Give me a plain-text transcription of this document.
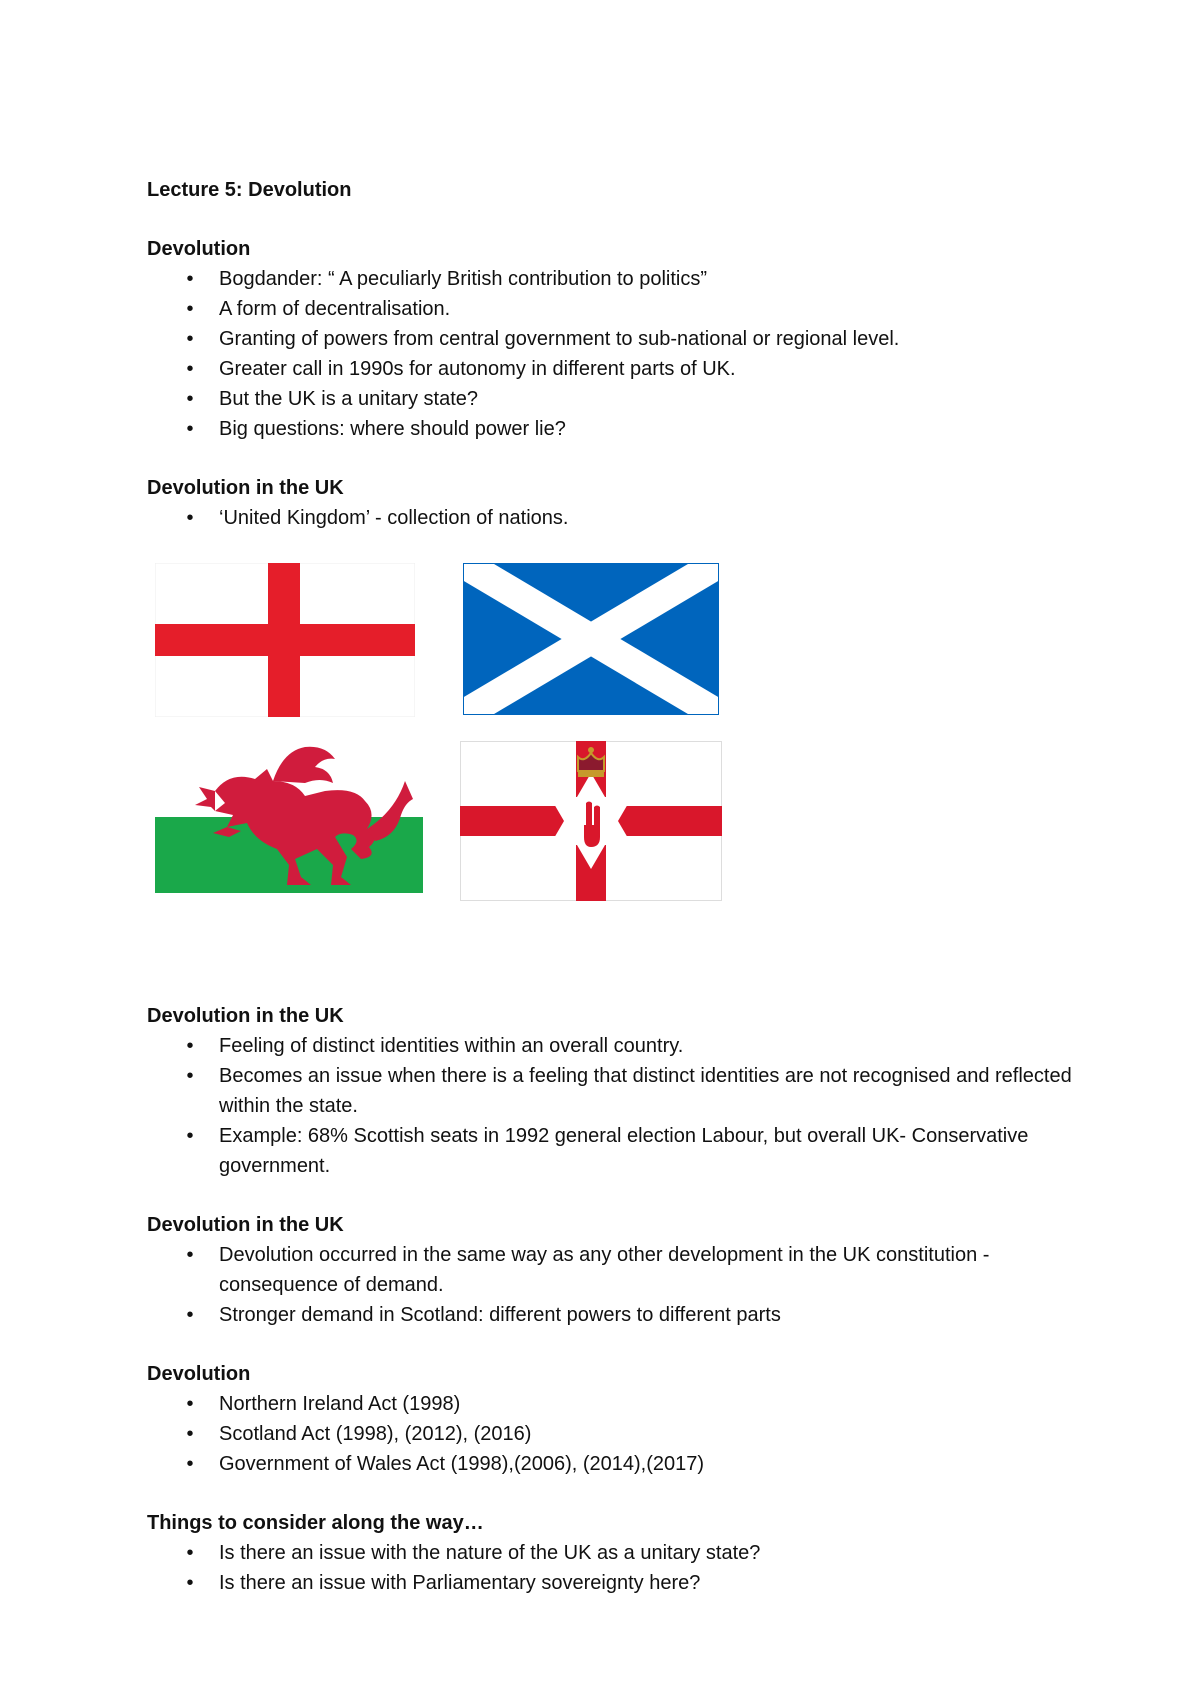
Lecture 5: Devolution
Devolution
• Bogdander: “ A peculiarly British contribution to politics”
• A form of decentralisation.
• Granting of powers from central government to sub-national or regional level.
• Greater call in 1990s for autonomy in different parts of UK.
• But the UK is a unitary state?
• Big questions: where should power lie?
Devolution in the UK
• ‘United Kingdom’ - collection of nations.
Devolution in the UK
• Feeling of distinct identities within an overall country.
• Becomes an issue when there is a feeling that distinct identities are not recognised and reflected within the state.
• Example: 68% Scottish seats in 1992 general election Labour, but overall UK- Conservative government.
Devolution in the UK
• Devolution occurred in the same way as any other development in the UK constitution - consequence of demand.
• Stronger demand in Scotland: different powers to different parts
Devolution
• Northern Ireland Act (1998)
• Scotland Act (1998), (2012), (2016)
• Government of Wales Act (1998),(2006), (2014),(2017)
Things to consider along the way…
• Is there an issue with the nature of the UK as a unitary state?
• Is there an issue with Parliamentary sovereignty here?
